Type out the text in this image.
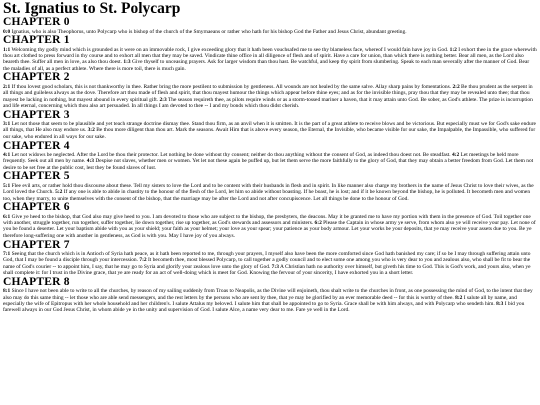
St. Ignatius to St. Polycarp
CHAPTER 0

0:0 Ignatius, who is also Theophorus, unto Polycarp who is bishop of the church of the Smyrnaeans or rather who hath for his bishop God the Father and Jesus Christ, abundant greeting.

CHAPTER 1

1:1 Welcoming thy godly mind which is grounded as it were on an immovable rock, I give exceeding glory that it hath been vouchsafed me to see thy blameless face, whereof I would fain have joy in God. 1:2 I exhort thee in the grace wherewith thou art clothed to press forward in thy course and to exhort all men that they may be saved. Vindicate thine office in all diligence of flesh and of spirit. Have a care for union, than which there is nothing better. Bear all men, as the Lord also beareth thee. Suffer all men in love, as also thou doest. 1:3 Give thyself to unceasing prayers. Ask for larger wisdom than thou hast. Be watchful, and keep thy spirit from slumbering. Speak to each man severally after the manner of God. Bear the maladies of all, as a perfect athlete. Where there is more toil, there is much gain.

CHAPTER 2

2:1 If thou lovest good scholars, this is not thankworthy in thee. Rather bring the more pestilent to submission by gentleness. All wounds are not healed by the same salve. Allay sharp pains by fomentations. 2:2 Be thou prudent as the serpent in all things and guileless always as the dove. Therefore art thou made of flesh and spirit, that thou mayest humour the things which appear before thine eyes; and as for the invisible things, pray thou that they may be revealed unto thee; that thou mayest be lacking in nothing, but mayest abound in every spiritual gift. 2:3 The season requireth thee, as pilots require winds or as a storm-tossed mariner a haven, that it may attain unto God. Be sober, as God's athlete. The prize is incorruption and life eternal, concerning which thou also art persuaded. In all things I am devoted to thee -- I and my bonds which thou didst cherish.

CHAPTER 3

3:1 Let not those that seem to be plausible and yet teach strange doctrine dismay thee. Stand thou firm, as an anvil when it is smitten. It is the part of a great athlete to receive blows and be victorious. But especially must we for God's sake endure all things, that He also may endure us. 3:2 Be thou more diligent than thou art. Mark the seasons. Await Him that is above every season, the Eternal, the Invisible, who became visible for our sake, the Impalpable, the Impassible, who suffered for our sake, who endured in all ways for our sake.

CHAPTER 4

4:1 Let not widows be neglected. After the Lord be thou their protector. Let nothing be done without thy consent; neither do thou anything without the consent of God, as indeed thou doest not. Be steadfast. 4:2 Let meetings be held more frequently. Seek out all men by name. 4:3 Despise not slaves, whether men or women. Yet let not these again be puffed up, but let them serve the more faithfully to the glory of God, that they may obtain a better freedom from God. Let them not desire to be set free at the public cost, lest they be found slaves of lust.

CHAPTER 5

5:1 Flee evil arts, or rather hold thou discourse about these. Tell my sisters to love the Lord and to be content with their husbands in flesh and in spirit. In like manner also charge my brothers in the name of Jesus Christ to love their wives, as the Lord loved the Church. 5:2 If any one is able to abide in chastity to the honour of the flesh of the Lord, let him so abide without boasting. If he boast, he is lost; and if it be known beyond the bishop, he is polluted. It becometh men and women too, when they marry, to unite themselves with the consent of the bishop, that the marriage may be after the Lord and not after concupiscence. Let all things be done to the honour of God.

CHAPTER 6

6:1 Give ye heed to the bishop, that God also may give heed to you. I am devoted to those who are subject to the bishop, the presbyters, the deacons. May it be granted me to have my portion with them in the presence of God. Toil together one with another, struggle together, run together, suffer together, lie down together, rise up together, as God's stewards and assessors and ministers. 6:2 Please the Captain in whose army ye serve, from whom also ye will receive your pay. Let none of you be found a deserter. Let your baptism abide with you as your shield; your faith as your helmet; your love as your spear; your patience as your body armour. Let your works be your deposits, that ye may receive your assets due to you. Be ye therefore long-suffering one with another in gentleness, as God is with you. May I have joy of you always.

CHAPTER 7

7:1 Seeing that the church which is in Antioch of Syria hath peace, as it hath been reported to me, through your prayers, I myself also have been the more comforted since God hath banished my care; if so be I may through suffering attain unto God, that I may be found a disciple through your intercession. 7:2 It becometh thee, most blessed Polycarp, to call together a godly council and to elect some one among you who is very dear to you and zealous also, who shall be fit to bear the name of God's courier -- to appoint him, I say, that he may go to Syria and glorify your zealous love unto the glory of God. 7:3 A Christian hath no authority over himself, but giveth his time to God. This is God's work, and yours also, when ye shall complete it: for I trust in the Divine grace, that ye are ready for an act of well-doing which is meet for God. Knowing the fervour of your sincerity, I have exhorted you in a short letter.

CHAPTER 8

8:1 Since I have not been able to write to all the churches, by reason of my sailing suddenly from Troas to Neapolis, as the Divine will enjoineth, thou shalt write to the churches in front, as one possessing the mind of God, to the intent that they also may do this same thing -- let those who are able send messengers, and the rest letters by the persons who are sent by thee, that ye may be glorified by an ever memorable deed -- for this is worthy of thee. 8:2 I salute all by name, and especially the wife of Epitropus with her whole household and her children's. I salute Attalus my beloved. I salute him that shall be appointed to go to Syria. Grace shall be with him always, and with Polycarp who sendeth him. 8:3 I bid you farewell always in our God Jesus Christ, in whom abide ye in the unity and supervision of God. I salute Alce, a name very dear to me. Fare ye well in the Lord.
